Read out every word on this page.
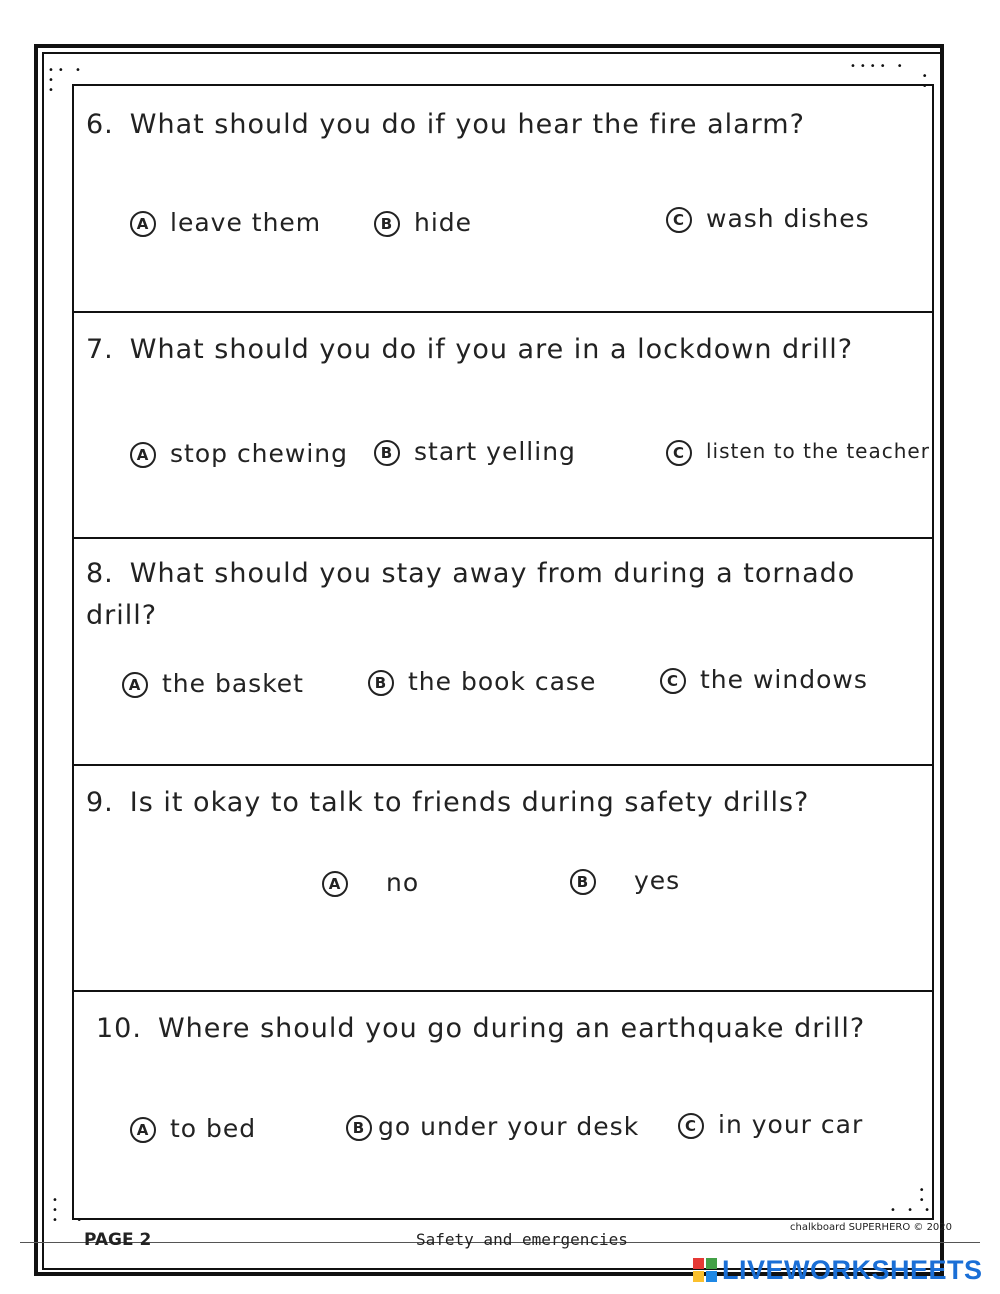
•• •
•
•
•••• •
•
•
•
•
•  •
•
•
• • •
6. What should you do if you hear the fire alarm?
A leave them	B hide	C wash dishes
7. What should you do if you are in a lockdown drill?
A stop chewing	B start yelling	C listen to the teacher
8. What should you stay away from during a tornado drill?
A the basket	B the book case	C the windows
9. Is it okay to talk to friends during safety drills?
A no	B yes
10. Where should you go during an earthquake drill?
A to bed	B go under your desk	C in your car
PAGE 2	Safety and emergencies
chalkboard SUPERHERO © 2020
LIVEWORKSHEETS
